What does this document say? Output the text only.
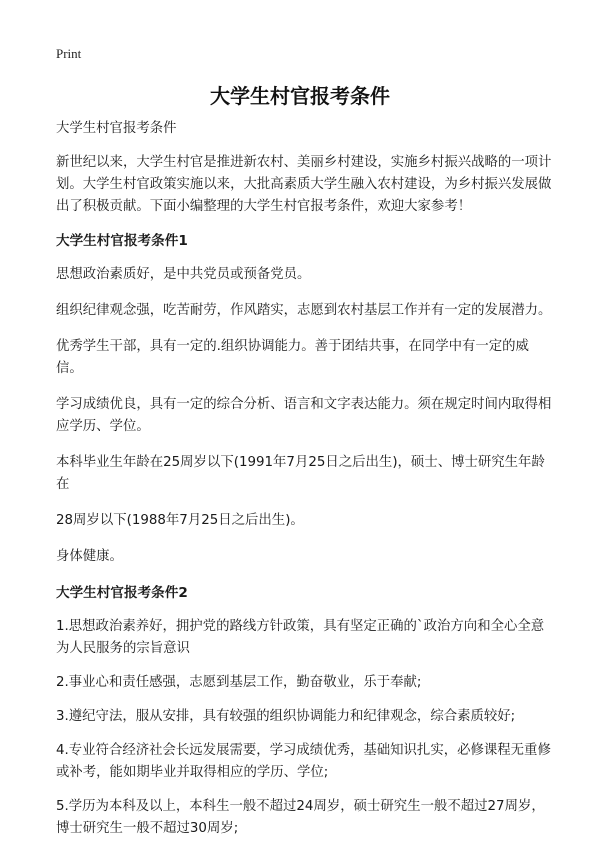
Print
大学生村官报考条件

大学生村官报考条件

新世纪以来，大学生村官是推进新农村、美丽乡村建设，实施乡村振兴战略的一项计划。大学生村官政策实施以来，大批高素质大学生融入农村建设，为乡村振兴发展做出了积极贡献。下面小编整理的大学生村官报考条件，欢迎大家参考！

大学生村官报考条件1

思想政治素质好，是中共党员或预备党员。

组织纪律观念强，吃苦耐劳，作风踏实，志愿到农村基层工作并有一定的发展潜力。

优秀学生干部，具有一定的.组织协调能力。善于团结共事，在同学中有一定的威信。

学习成绩优良，具有一定的综合分析、语言和文字表达能力。须在规定时间内取得相应学历、学位。

本科毕业生年龄在25周岁以下(1991年7月25日之后出生)，硕士、博士研究生年龄在

28周岁以下(1988年7月25日之后出生)。

身体健康。

大学生村官报考条件2

1.思想政治素养好，拥护党的路线方针政策，具有坚定正确的`政治方向和全心全意为人民服务的宗旨意识

2.事业心和责任感强，志愿到基层工作，勤奋敬业，乐于奉献;

3.遵纪守法，服从安排，具有较强的组织协调能力和纪律观念，综合素质较好;

4.专业符合经济社会长远发展需要，学习成绩优秀，基础知识扎实，必修课程无重修或补考，能如期毕业并取得相应的学历、学位;

5.学历为本科及以上，本科生一般不超过24周岁，硕士研究生一般不超过27周岁，博士研究生一般不超过30周岁;
